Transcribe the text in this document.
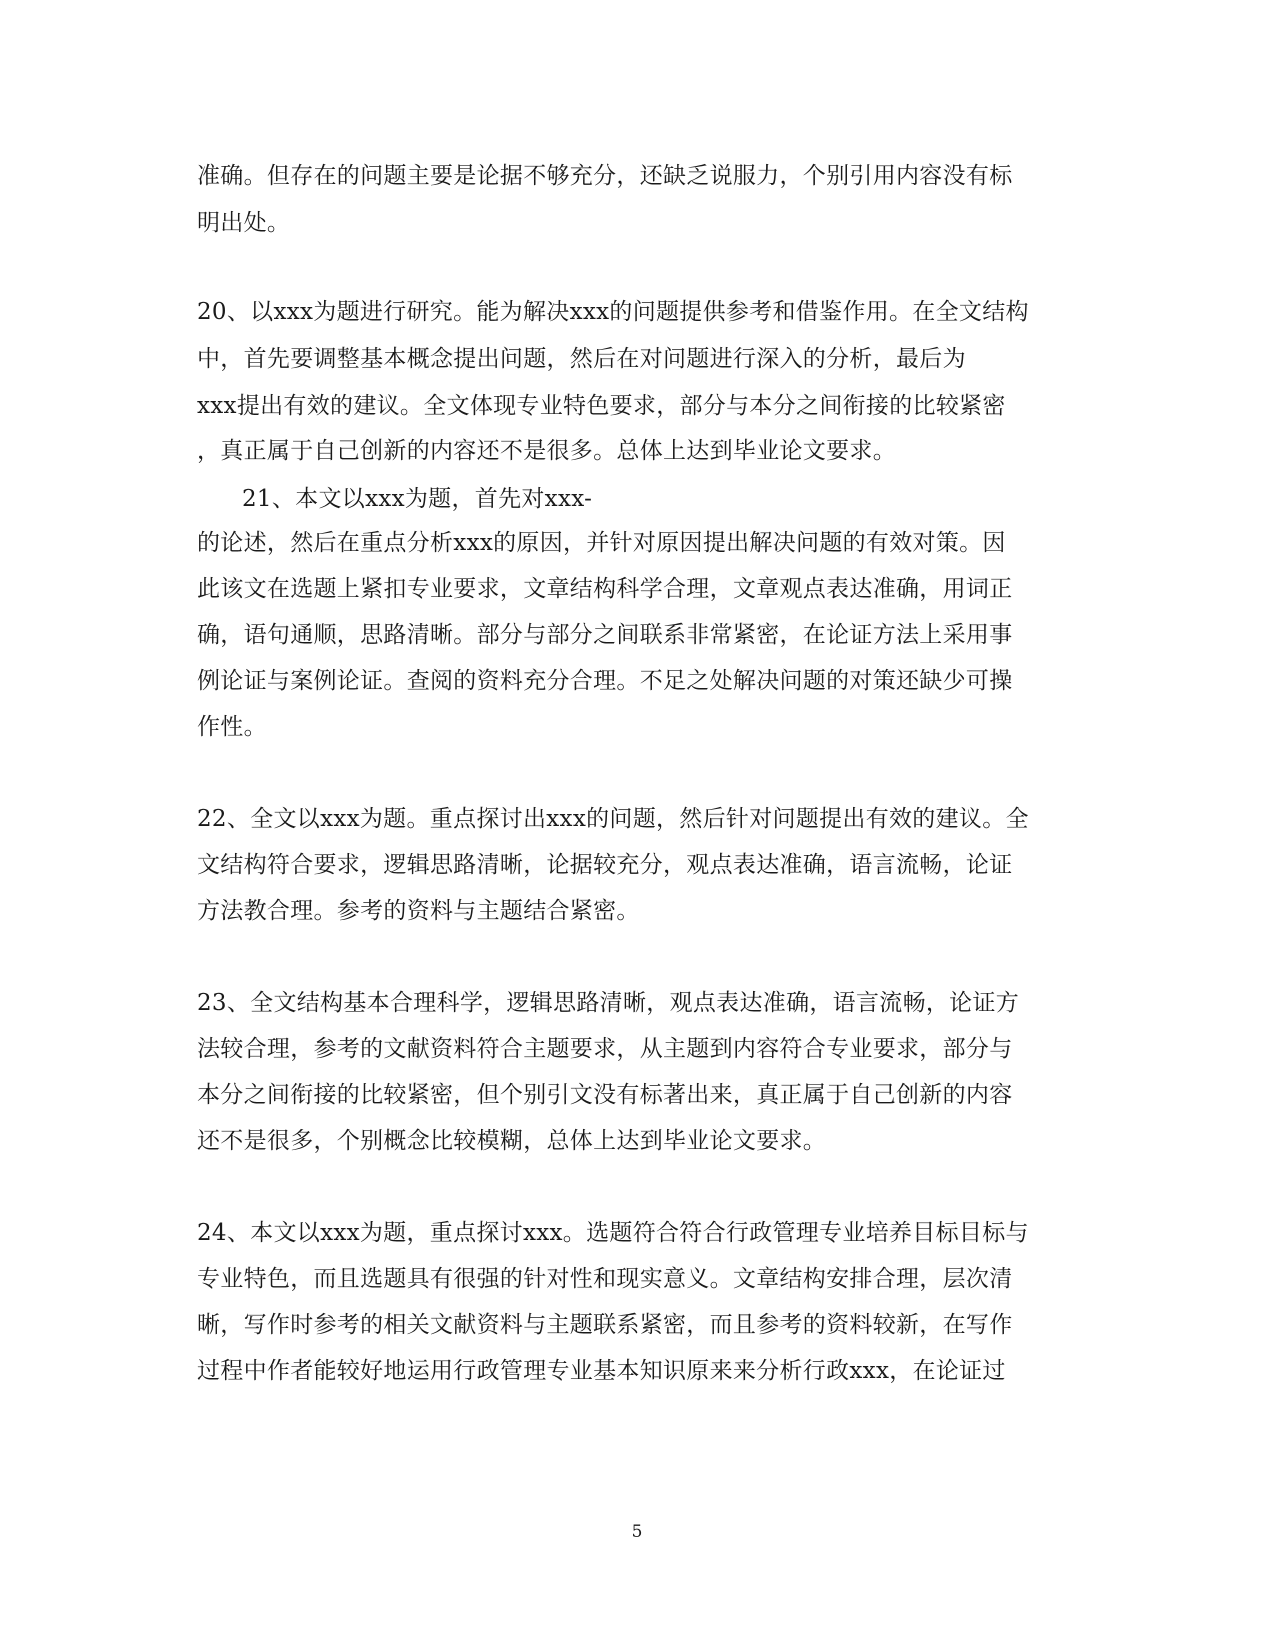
准确。但存在的问题主要是论据不够充分，还缺乏说服力，个别引用内容没有标
明出处。
20、以xxx为题进行研究。能为解决xxx的问题提供参考和借鉴作用。在全文结构
中，首先要调整基本概念提出问题，然后在对问题进行深入的分析，最后为
xxx提出有效的建议。全文体现专业特色要求，部分与本分之间衔接的比较紧密
，真正属于自己创新的内容还不是很多。总体上达到毕业论文要求。
21、本文以xxx为题，首先对xxx-
的论述，然后在重点分析xxx的原因，并针对原因提出解决问题的有效对策。因
此该文在选题上紧扣专业要求，文章结构科学合理，文章观点表达准确，用词正
确，语句通顺，思路清晰。部分与部分之间联系非常紧密，在论证方法上采用事
例论证与案例论证。查阅的资料充分合理。不足之处解决问题的对策还缺少可操
作性。
22、全文以xxx为题。重点探讨出xxx的问题，然后针对问题提出有效的建议。全
文结构符合要求，逻辑思路清晰，论据较充分，观点表达准确，语言流畅，论证
方法教合理。参考的资料与主题结合紧密。
23、全文结构基本合理科学，逻辑思路清晰，观点表达准确，语言流畅，论证方
法较合理，参考的文献资料符合主题要求，从主题到内容符合专业要求，部分与
本分之间衔接的比较紧密，但个别引文没有标著出来，真正属于自己创新的内容
还不是很多，个别概念比较模糊，总体上达到毕业论文要求。
24、本文以xxx为题，重点探讨xxx。选题符合符合行政管理专业培养目标目标与
专业特色，而且选题具有很强的针对性和现实意义。文章结构安排合理，层次清
晰，写作时参考的相关文献资料与主题联系紧密，而且参考的资料较新，在写作
过程中作者能较好地运用行政管理专业基本知识原来来分析行政xxx，在论证过
5
